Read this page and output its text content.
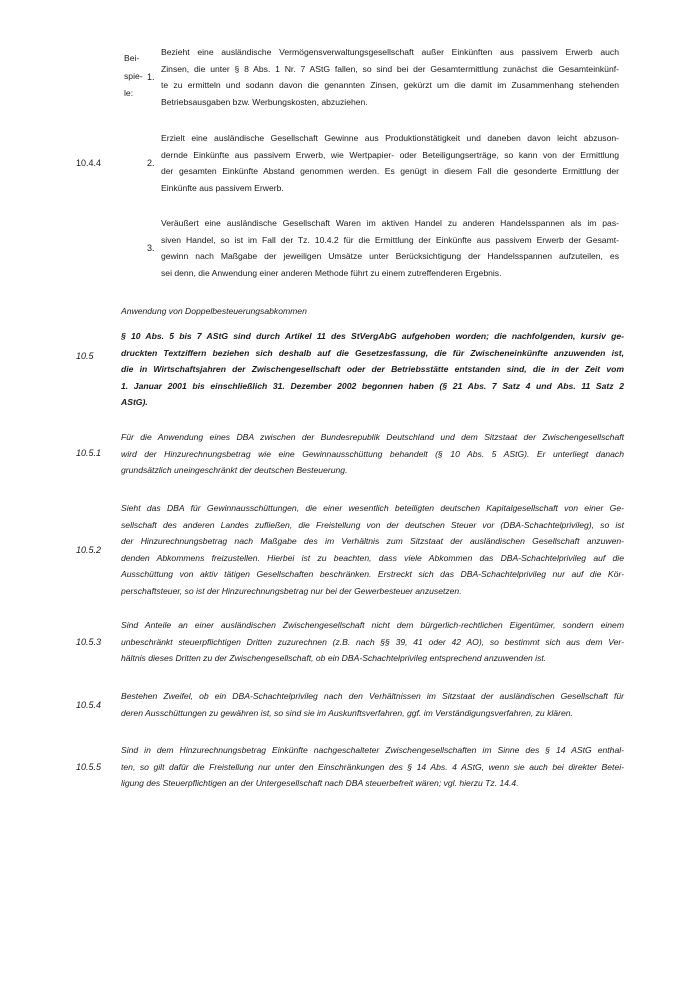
Bei-
spie-
le:
10.4.4
1.
Bezieht eine ausländische Vermögensverwaltungsgesellschaft außer Einkünften aus passivem Erwerb auch
Zinsen, die unter § 8 Abs. 1 Nr. 7 AStG fallen, so sind bei der Gesamtermittlung zunächst die Gesamteinkünf-
te zu ermitteln und sodann davon die genannten Zinsen, gekürzt um die damit im Zusammenhang stehenden
Betriebsausgaben bzw. Werbungskosten, abzuziehen.
2.
Erzielt eine ausländische Gesellschaft Gewinne aus Produktionstätigkeit und daneben davon leicht abzuson-
dernde Einkünfte aus passivem Erwerb, wie Wertpapier- oder Beteiligungserträge, so kann von der Ermittlung
der gesamten Einkünfte Abstand genommen werden. Es genügt in diesem Fall die gesonderte Ermittlung der
Einkünfte aus passivem Erwerb.
3.
Veräußert eine ausländische Gesellschaft Waren im aktiven Handel zu anderen Handelsspannen als im pas-
siven Handel, so ist im Fall der Tz. 10.4.2 für die Ermittlung der Einkünfte aus passivem Erwerb der Gesamt-
gewinn nach Maßgabe der jeweiligen Umsätze unter Berücksichtigung der Handelsspannen aufzuteilen, es
sei denn, die Anwendung einer anderen Methode führt zu einem zutreffenderen Ergebnis.
Anwendung von Doppelbesteuerungsabkommen
10.5
§ 10 Abs. 5 bis 7 AStG sind durch Artikel 11 des StVergAbG aufgehoben worden; die nachfolgenden, kursiv ge-
druckten Textziffern beziehen sich deshalb auf die Gesetzesfassung, die für Zwischeneinkünfte anzuwenden ist,
die in Wirtschaftsjahren der Zwischengesellschaft oder der Betriebsstätte entstanden sind, die in der Zeit vom
1. Januar 2001 bis einschließlich 31. Dezember 2002 begonnen haben (§ 21 Abs. 7 Satz 4 und Abs. 11 Satz 2
AStG).
10.5.1
Für die Anwendung eines DBA zwischen der Bundesrepublik Deutschland und dem Sitzstaat der Zwischengesellschaft
wird der Hinzurechnungsbetrag wie eine Gewinnausschüttung behandelt (§ 10 Abs. 5 AStG). Er unterliegt danach
grundsätzlich uneingeschränkt der deutschen Besteuerung.
10.5.2
Sieht das DBA für Gewinnausschüttungen, die einer wesentlich beteiligten deutschen Kapitalgesellschaft von einer Ge-
sellschaft des anderen Landes zufließen, die Freistellung von der deutschen Steuer vor (DBA-Schachtelprivileg), so ist
der Hinzurechnungsbetrag nach Maßgabe des im Verhältnis zum Sitzstaat der ausländischen Gesellschaft anzuwen-
denden Abkommens freizustellen. Hierbei ist zu beachten, dass viele Abkommen das DBA-Schachtelprivileg auf die
Ausschüttung von aktiv tätigen Gesellschaften beschränken. Erstreckt sich das DBA-Schachtelprivileg nur auf die Kör-
perschaftsteuer, so ist der Hinzurechnungsbetrag nur bei der Gewerbesteuer anzusetzen.
10.5.3
Sind Anteile an einer ausländischen Zwischengesellschaft nicht dem bürgerlich-rechtlichen Eigentümer, sondern einem
unbeschränkt steuerpflichtigen Dritten zuzurechnen (z.B. nach §§ 39, 41 oder 42 AO), so bestimmt sich aus dem Ver-
hältnis dieses Dritten zu der Zwischengesellschaft, ob ein DBA-Schachtelprivileg entsprechend anzuwenden ist.
10.5.4
Bestehen Zweifel, ob ein DBA-Schachtelprivileg nach den Verhältnissen im Sitzstaat der ausländischen Gesellschaft für
deren Ausschüttungen zu gewähren ist, so sind sie im Auskunftsverfahren, ggf. im Verständigungsverfahren, zu klären.
10.5.5
Sind in dem Hinzurechnungsbetrag Einkünfte nachgeschalteter Zwischengesellschaften im Sinne des § 14 AStG enthal-
ten, so gilt dafür die Freistellung nur unter den Einschränkungen des § 14 Abs. 4 AStG, wenn sie auch bei direkter Betei-
ligung des Steuerpflichtigen an der Untergesellschaft nach DBA steuerbefreit wären; vgl. hierzu Tz. 14.4.
